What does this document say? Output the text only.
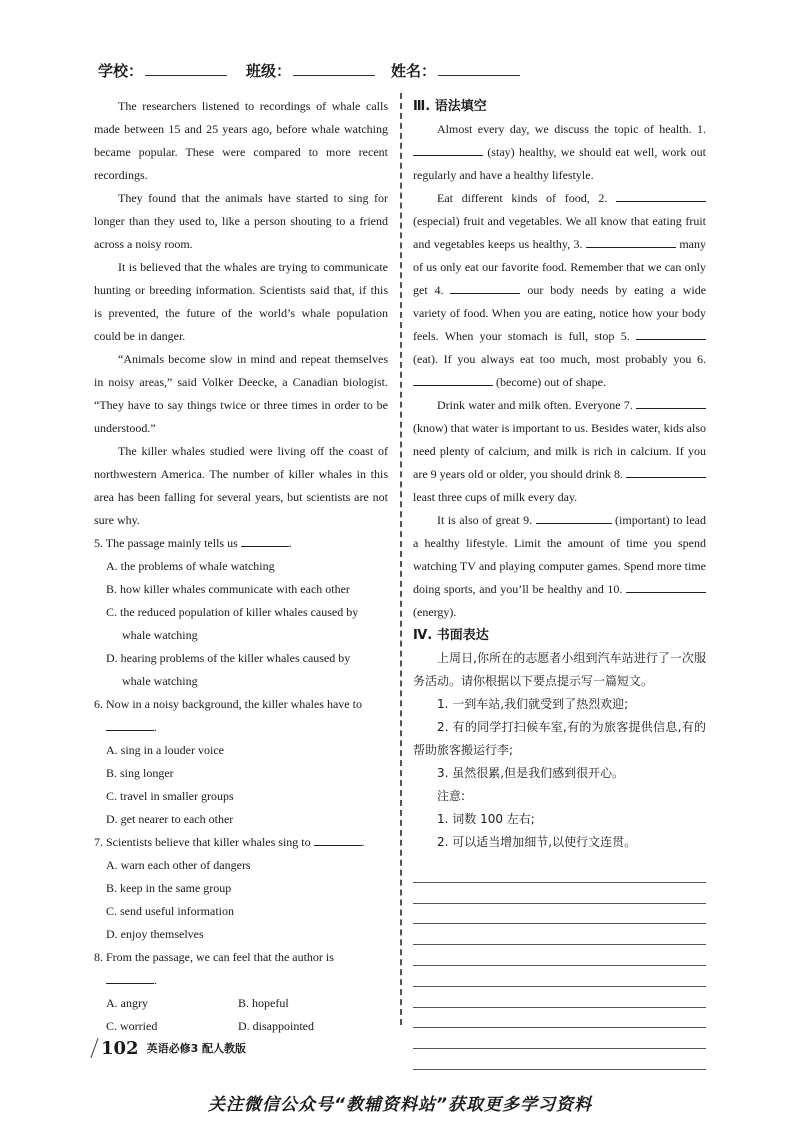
学校：	班级：	姓名：

The researchers listened to recordings of whale calls made between 15 and 25 years ago, before whale watching became popular. These were compared to more recent recordings.

They found that the animals have started to sing for longer than they used to, like a person shouting to a friend across a noisy room.

It is believed that the whales are trying to communicate hunting or breeding information. Scientists said that, if this is prevented, the future of the world’s whale population could be in danger.

“Animals become slow in mind and repeat themselves in noisy areas,” said Volker Deecke, a Canadian biologist. “They have to say things twice or three times in order to be understood.”

The killer whales studied were living off the coast of northwestern America. The number of killer whales in this area has been falling for several years, but scientists are not sure why.

5. The passage mainly tells us	.

A. the problems of whale watching

B. how killer whales communicate with each other

C. the reduced population of killer whales caused by

whale watching

D. hearing problems of the killer whales caused by

whale watching

6. Now in a noisy background, the killer whales have to

.

A. sing in a louder voice

B. sing longer

C. travel in smaller groups

D. get nearer to each other

7. Scientists believe that killer whales sing to	.

A. warn each other of dangers

B. keep in the same group

C. send useful information

D. enjoy themselves

8. From the passage, we can feel that the author is

.

A. angry	B. hopeful
C. worried	D. disappointed

Ⅲ. 语法填空

Almost every day, we discuss the topic of health. 1.  (stay) healthy, we should eat well, work out regularly and have a healthy lifestyle.

Eat different kinds of food, 2.  (especial) fruit and vegetables. We all know that eating fruit and vegetables keeps us healthy, 3.	many of us only eat our favorite food. Remember that we can only get 4.	our body needs by eating a wide variety of food. When you are eating, notice how your body feels. When your stomach is full, stop 5.  (eat). If you always eat too much, most probably you 6.  (become) out of shape.

Drink water and milk often. Everyone 7.  (know) that water is important to us. Besides water, kids also need plenty of calcium, and milk is rich in calcium. If you are 9 years old or older, you should drink 8.  least three cups of milk every day.

It is also of great 9.	(important) to lead a healthy lifestyle. Limit the amount of time you spend watching TV and playing computer games. Spend more time doing sports, and you’ll be healthy and 10.  (energy).

Ⅳ. 书面表达

上周日,你所在的志愿者小组到汽车站进行了一次服务活动。请你根据以下要点提示写一篇短文。

1. 一到车站,我们就受到了热烈欢迎;

2. 有的同学打扫候车室,有的为旅客提供信息,有的帮助旅客搬运行李;

3. 虽然很累,但是我们感到很开心。

注意:

1. 词数 100 左右;

2. 可以适当增加细节,以使行文连贯。

102 英语必修3 配人教版
关注微信公众号“教辅资料站”获取更多学习资料
